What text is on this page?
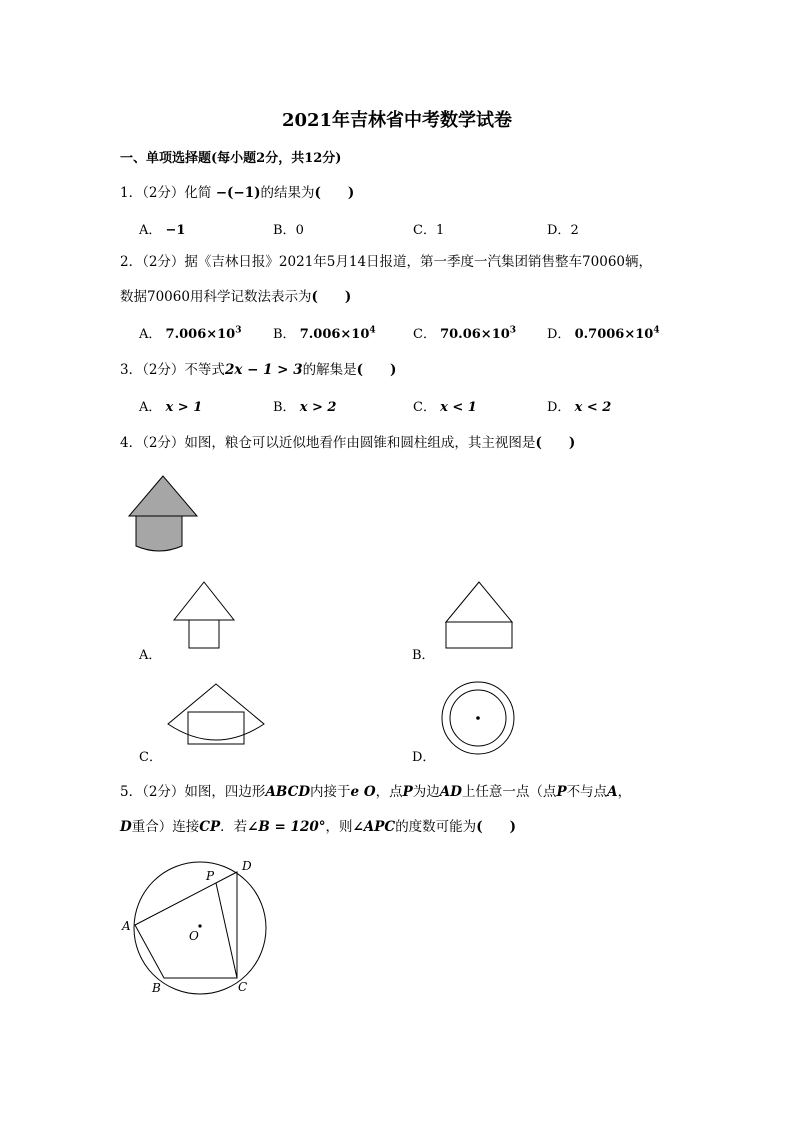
2021年吉林省中考数学试卷
一、单项选择题(每小题2分，共12分)
1．（2分）化简 −(−1)的结果为(　　)
A． −1	B．0	C．1	D．2
2．（2分）据《吉林日报》2021年5月14日报道，第一季度一汽集团销售整车70060辆，
数据70060用科学记数法表示为(　　)
A． $7.006\times 10^3$ B． $7.006\times 10^4$	C． $70.06\times 10^3$ D． $0.7006\times 10^4$
3．（2分）不等式2x − 1 > 3的解集是(　　)
A． x > 1	B． x > 2	C． x < 1	D． x < 2
4．（2分）如图，粮仓可以近似地看作由圆锥和圆柱组成，其主视图是(　　)
A．	B．
C．	D．
5．（2分）如图，四边形ABCD内接于e O，点P为边AD上任意一点（点P不与点A，
D重合）连接CP．若∠B = 120°，则∠APC的度数可能为(　　)
A
B	C
D
P
O
